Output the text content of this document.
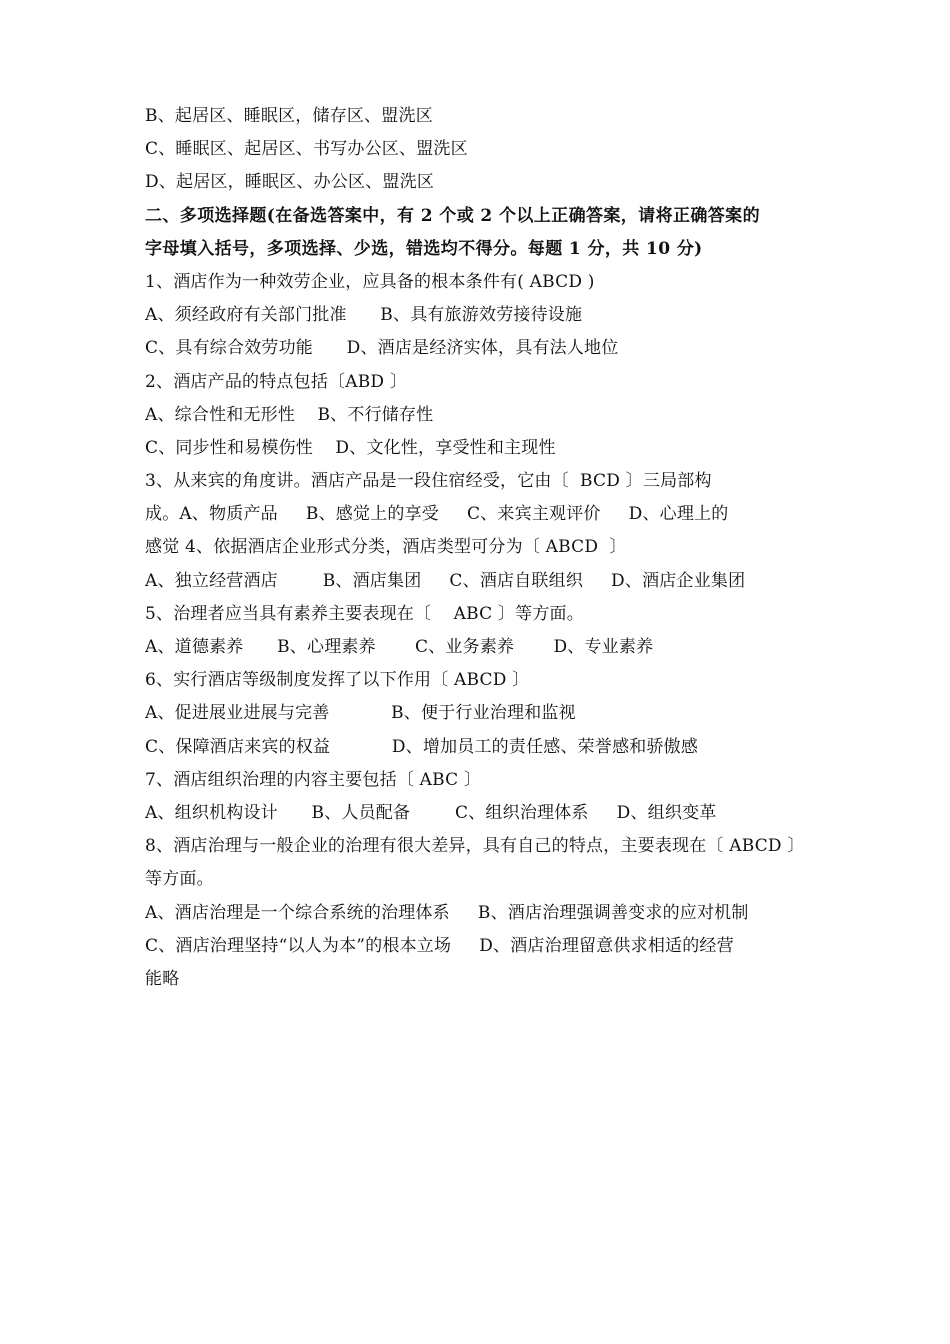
B、起居区、睡眠区，储存区、盟洗区
C、睡眠区、起居区、书写办公区、盟洗区
D、起居区，睡眠区、办公区、盟洗区
二、多项选择题(在备选答案中，有 2 个或 2 个以上正确答案，请将正确答案的
字母填入括号，多项选择、少选，错选均不得分。每题 1 分，共 10 分)
1、酒店作为一种效劳企业，应具备的根本条件有( ABCD )
A、须经政府有关部门批准      B、具有旅游效劳接待设施
C、具有综合效劳功能      D、酒店是经济实体，具有法人地位
2、酒店产品的特点包括〔ABD 〕
A、综合性和无形性    B、不行储存性
C、同步性和易模伤性    D、文化性，享受性和主现性
3、从来宾的角度讲。酒店产品是一段住宿经受，它由〔  BCD 〕三局部构
成。A、物质产品     B、感觉上的享受     C、来宾主观评价     D、心理上的
感觉 4、依据酒店企业形式分类，酒店类型可分为〔 ABCD  〕
A、独立经营酒店        B、酒店集团     C、酒店自联组织     D、酒店企业集团
5、治理者应当具有素养主要表现在〔    ABC 〕等方面。
A、道德素养      B、心理素养       C、业务素养       D、专业素养
6、实行酒店等级制度发挥了以下作用〔 ABCD 〕
A、促进展业进展与完善           B、便于行业治理和监视
C、保障酒店来宾的权益           D、增加员工的责任感、荣誉感和骄傲感
7、酒店组织治理的内容主要包括〔 ABC 〕
A、组织机构设计      B、人员配备        C、组织治理体系     D、组织变革
8、酒店治理与一般企业的治理有很大差异，具有自己的特点，主要表现在〔 ABCD 〕
等方面。
A、酒店治理是一个综合系统的治理体系     B、酒店治理强调善变求的应对机制
C、酒店治理坚持“以人为本”的根本立场     D、酒店治理留意供求相适的经营
能略
